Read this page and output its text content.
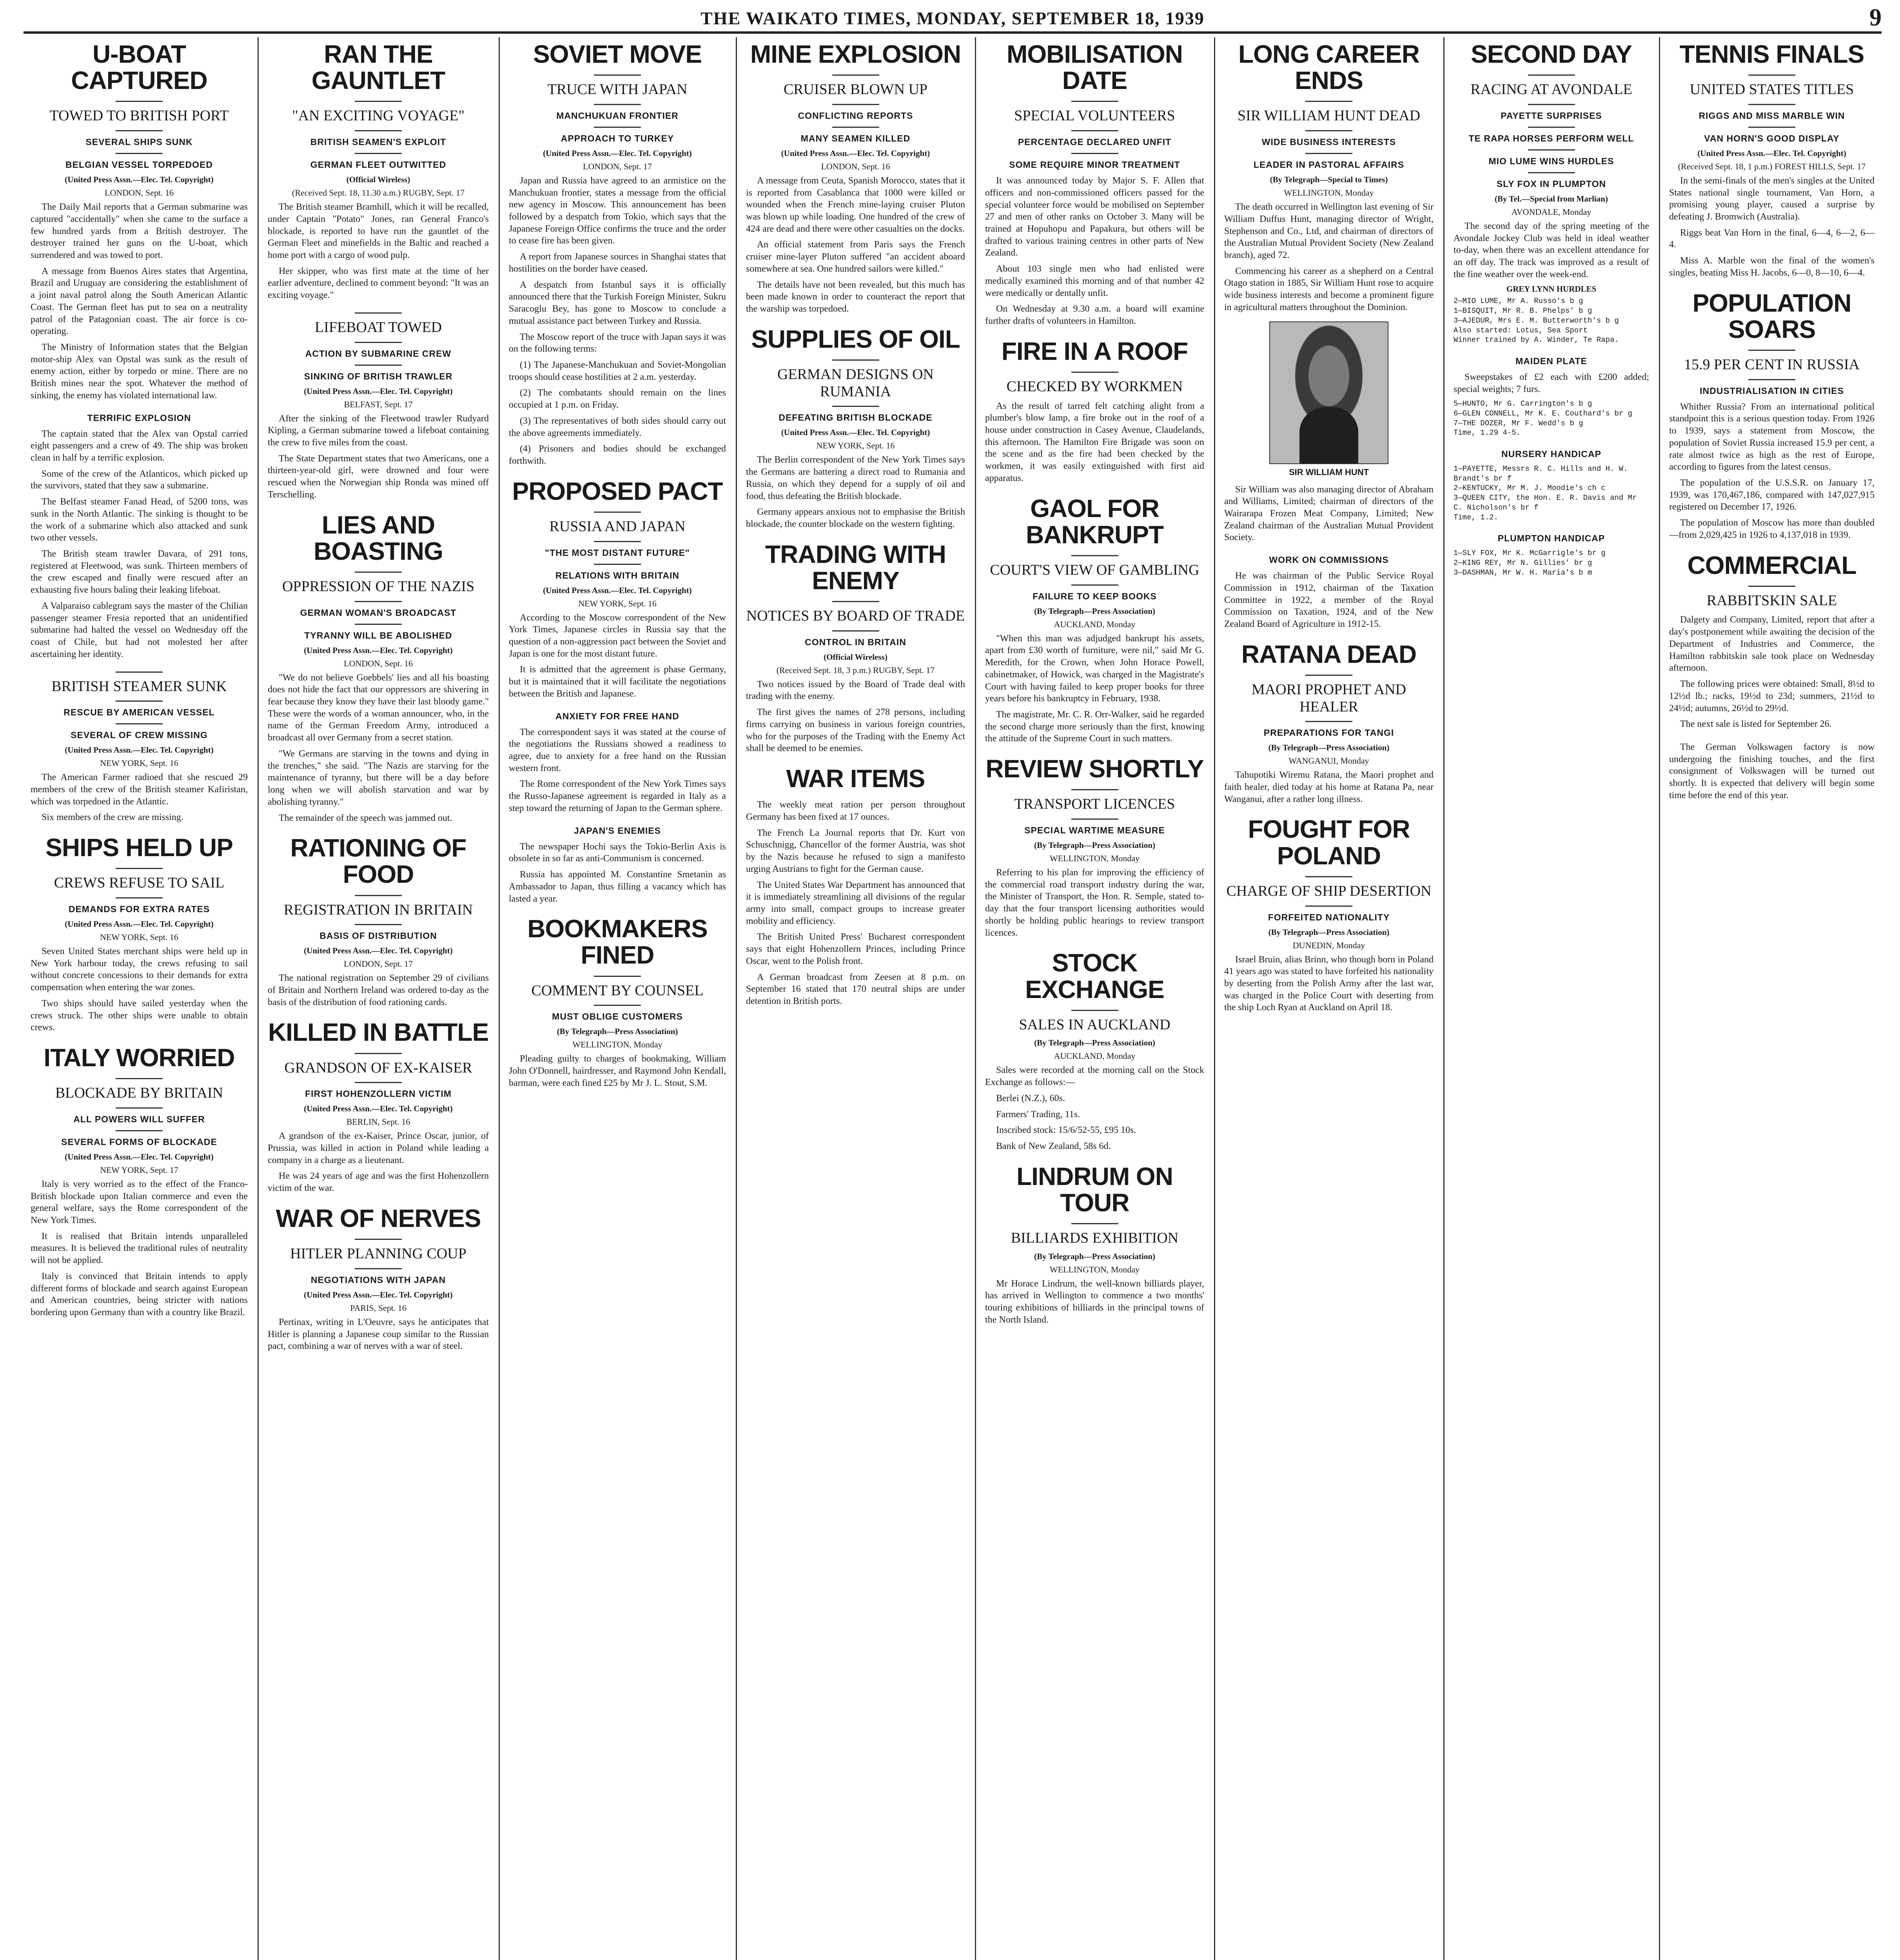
THE WAIKATO TIMES, MONDAY, SEPTEMBER 18, 1939	9
U-BOAT CAPTURED
TOWED TO BRITISH PORT
SEVERAL SHIPS SUNK
BELGIAN VESSEL TORPEDOED
(United Press Assn.—Elec. Tel. Copyright)
LONDON, Sept. 16

The Daily Mail reports that a German submarine was captured "accidentally" when she came to the surface a few hundred yards from a British destroyer. The destroyer trained her guns on the U-boat, which surrendered and was towed to port.

A message from Buenos Aires states that Argentina, Brazil and Uruguay are considering the establishment of a joint naval patrol along the South American Atlantic Coast. The German fleet has put to sea on a neutrality patrol of the Patagonian coast. The air force is co-operating.

The Ministry of Information states that the Belgian motor-ship Alex van Opstal was sunk as the result of enemy action, either by torpedo or mine. There are no British mines near the spot. Whatever the method of sinking, the enemy has violated international law.

TERRIFIC EXPLOSION

The captain stated that the Alex van Opstal carried eight passengers and a crew of 49. The ship was broken clean in half by a terrific explosion.

Some of the crew of the Atlanticos, which picked up the survivors, stated that they saw a submarine.

The Belfast steamer Fanad Head, of 5200 tons, was sunk in the North Atlantic. The sinking is thought to be the work of a submarine which also attacked and sunk two other vessels.

The British steam trawler Davara, of 291 tons, registered at Fleetwood, was sunk. Thirteen members of the crew escaped and finally were rescued after an exhausting five hours baling their leaking lifeboat.

A Valparaiso cablegram says the master of the Chilian passenger steamer Fresia reported that an unidentified submarine had halted the vessel on Wednesday off the coast of Chile, but had not molested her after ascertaining her identity.

BRITISH STEAMER SUNK
RESCUE BY AMERICAN VESSEL
SEVERAL OF CREW MISSING
(United Press Assn.—Elec. Tel. Copyright)
NEW YORK, Sept. 16

The American Farmer radioed that she rescued 29 members of the crew of the British steamer Kafiristan, which was torpedoed in the Atlantic.

Six members of the crew are missing.

SHIPS HELD UP
CREWS REFUSE TO SAIL
DEMANDS FOR EXTRA RATES
(United Press Assn.—Elec. Tel. Copyright)
NEW YORK, Sept. 16

Seven United States merchant ships were held up in New York harbour today, the crews refusing to sail without concrete concessions to their demands for extra compensation when entering the war zones.

Two ships should have sailed yesterday when the crews struck. The other ships were unable to obtain crews.

ITALY WORRIED
BLOCKADE BY BRITAIN
ALL POWERS WILL SUFFER
SEVERAL FORMS OF BLOCKADE
(United Press Assn.—Elec. Tel. Copyright)
NEW YORK, Sept. 17

Italy is very worried as to the effect of the Franco-British blockade upon Italian commerce and even the general welfare, says the Rome correspondent of the New York Times.

It is realised that Britain intends unparalleled measures. It is believed the traditional rules of neutrality will not be applied.

Italy is convinced that Britain intends to apply different forms of blockade and search against European and American countries, being stricter with nations bordering upon Germany than with a country like Brazil.

RAN THE GAUNTLET
"AN EXCITING VOYAGE"
BRITISH SEAMEN'S EXPLOIT
GERMAN FLEET OUTWITTED
(Official Wireless)
(Received Sept. 18, 11.30 a.m.) RUGBY, Sept. 17

The British steamer Bramhill, which it will be recalled, under Captain "Potato" Jones, ran General Franco's blockade, is reported to have run the gauntlet of the German Fleet and minefields in the Baltic and reached a home port with a cargo of wood pulp.

Her skipper, who was first mate at the time of her earlier adventure, declined to comment beyond: "It was an exciting voyage."

LIFEBOAT TOWED
ACTION BY SUBMARINE CREW
SINKING OF BRITISH TRAWLER
(United Press Assn.—Elec. Tel. Copyright)
BELFAST, Sept. 17

After the sinking of the Fleetwood trawler Rudyard Kipling, a German submarine towed a lifeboat containing the crew to five miles from the coast.

The State Department states that two Americans, one a thirteen-year-old girl, were drowned and four were rescued when the Norwegian ship Ronda was mined off Terschelling.

LIES AND BOASTING
OPPRESSION OF THE NAZIS
GERMAN WOMAN'S BROADCAST
TYRANNY WILL BE ABOLISHED
(United Press Assn.—Elec. Tel. Copyright)
LONDON, Sept. 16

"We do not believe Goebbels' lies and all his boasting does not hide the fact that our oppressors are shivering in fear because they know they have their last bloody game." These were the words of a woman announcer, who, in the name of the German Freedom Army, introduced a broadcast all over Germany from a secret station.

"We Germans are starving in the towns and dying in the trenches," she said. "The Nazis are starving for the maintenance of tyranny, but there will be a day before long when we will abolish starvation and war by abolishing tyranny."

The remainder of the speech was jammed out.

RATIONING OF FOOD
REGISTRATION IN BRITAIN
BASIS OF DISTRIBUTION
(United Press Assn.—Elec. Tel. Copyright)
LONDON, Sept. 17

The national registration on September 29 of civilians of Britain and Northern Ireland was ordered to-day as the basis of the distribution of food rationing cards.

KILLED IN BATTLE
GRANDSON OF EX-KAISER
FIRST HOHENZOLLERN VICTIM
(United Press Assn.—Elec. Tel. Copyright)
BERLIN, Sept. 16

A grandson of the ex-Kaiser, Prince Oscar, junior, of Prussia, was killed in action in Poland while leading a company in a charge as a lieutenant.

He was 24 years of age and was the first Hohenzollern victim of the war.

WAR OF NERVES
HITLER PLANNING COUP
NEGOTIATIONS WITH JAPAN
(United Press Assn.—Elec. Tel. Copyright)
PARIS, Sept. 16

Pertinax, writing in L'Oeuvre, says he anticipates that Hitler is planning a Japanese coup similar to the Russian pact, combining a war of nerves with a war of steel.

SOVIET MOVE
TRUCE WITH JAPAN
MANCHUKUAN FRONTIER
APPROACH TO TURKEY
(United Press Assn.—Elec. Tel. Copyright)
LONDON, Sept. 17

Japan and Russia have agreed to an armistice on the Manchukuan frontier, states a message from the official new agency in Moscow. This announcement has been followed by a despatch from Tokio, which says that the Japanese Foreign Office confirms the truce and the order to cease fire has been given.

A report from Japanese sources in Shanghai states that hostilities on the border have ceased.

A despatch from Istanbul says it is officially announced there that the Turkish Foreign Minister, Sukru Saracoglu Bey, has gone to Moscow to conclude a mutual assistance pact between Turkey and Russia.

The Moscow report of the truce with Japan says it was on the following terms:

(1) The Japanese-Manchukuan and Soviet-Mongolian troops should cease hostilities at 2 a.m. yesterday.

(2) The combatants should remain on the lines occupied at 1 p.m. on Friday.

(3) The representatives of both sides should carry out the above agreements immediately.

(4) Prisoners and bodies should be exchanged forthwith.

PROPOSED PACT
RUSSIA AND JAPAN
"THE MOST DISTANT FUTURE"
RELATIONS WITH BRITAIN
(United Press Assn.—Elec. Tel. Copyright)
NEW YORK, Sept. 16

According to the Moscow correspondent of the New York Times, Japanese circles in Russia say that the question of a non-aggression pact between the Soviet and Japan is one for the most distant future.

It is admitted that the agreement is phase Germany, but it is maintained that it will facilitate the negotiations between the British and Japanese.

ANXIETY FOR FREE HAND

The correspondent says it was stated at the course of the negotiations the Russians showed a readiness to agree, due to anxiety for a free hand on the Russian western front.

The Rome correspondent of the New York Times says the Russo-Japanese agreement is regarded in Italy as a step toward the returning of Japan to the German sphere.

JAPAN'S ENEMIES

The newspaper Hochi says the Tokio-Berlin Axis is obsolete in so far as anti-Communism is concerned.

Russia has appointed M. Constantine Smetanin as Ambassador to Japan, thus filling a vacancy which has lasted a year.

BOOKMAKERS FINED
COMMENT BY COUNSEL
MUST OBLIGE CUSTOMERS
(By Telegraph—Press Association)
WELLINGTON, Monday

Pleading guilty to charges of bookmaking, William John O'Donnell, hairdresser, and Raymond John Kendall, barman, were each fined £25 by Mr J. L. Stout, S.M.

MINE EXPLOSION
CRUISER BLOWN UP
CONFLICTING REPORTS
MANY SEAMEN KILLED
(United Press Assn.—Elec. Tel. Copyright)
LONDON, Sept. 16

A message from Ceuta, Spanish Morocco, states that it is reported from Casablanca that 1000 were killed or wounded when the French mine-laying cruiser Pluton was blown up while loading. One hundred of the crew of 424 are dead and there were other casualties on the docks.

An official statement from Paris says the French cruiser mine-layer Pluton suffered "an accident aboard somewhere at sea. One hundred sailors were killed."

The details have not been revealed, but this much has been made known in order to counteract the report that the warship was torpedoed.

SUPPLIES OF OIL
GERMAN DESIGNS ON RUMANIA
DEFEATING BRITISH BLOCKADE
(United Press Assn.—Elec. Tel. Copyright)
NEW YORK, Sept. 16

The Berlin correspondent of the New York Times says the Germans are battering a direct road to Rumania and Russia, on which they depend for a supply of oil and food, thus defeating the British blockade.

Germany appears anxious not to emphasise the British blockade, the counter blockade on the western fighting.

TRADING WITH ENEMY
NOTICES BY BOARD OF TRADE
CONTROL IN BRITAIN
(Official Wireless)
(Received Sept. 18, 3 p.m.) RUGBY, Sept. 17

Two notices issued by the Board of Trade deal with trading with the enemy.

The first gives the names of 278 persons, including firms carrying on business in various foreign countries, who for the purposes of the Trading with the Enemy Act shall be deemed to be enemies.

WAR ITEMS

The weekly meat ration per person throughout Germany has been fixed at 17 ounces.

The French La Journal reports that Dr. Kurt von Schuschnigg, Chancellor of the former Austria, was shot by the Nazis because he refused to sign a manifesto urging Austrians to fight for the German cause.

The United States War Department has announced that it is immediately streamlining all divisions of the regular army into small, compact groups to increase greater mobility and efficiency.

The British United Press' Bucharest correspondent says that eight Hohenzollern Princes, including Prince Oscar, went to the Polish front.

A German broadcast from Zeesen at 8 p.m. on September 16 stated that 170 neutral ships are under detention in British ports.

MOBILISATION DATE
SPECIAL VOLUNTEERS
PERCENTAGE DECLARED UNFIT
SOME REQUIRE MINOR TREATMENT

It was announced today by Major S. F. Allen that officers and non-commissioned officers passed for the special volunteer force would be mobilised on September 27 and men of other ranks on October 3. Many will be trained at Hopuhopu and Papakura, but others will be drafted to various training centres in other parts of New Zealand.

About 103 single men who had enlisted were medically examined this morning and of that number 42 were medically or dentally unfit.

On Wednesday at 9.30 a.m. a board will examine further drafts of volunteers in Hamilton.

FIRE IN A ROOF
CHECKED BY WORKMEN

As the result of tarred felt catching alight from a plumber's blow lamp, a fire broke out in the roof of a house under construction in Casey Avenue, Claudelands, this afternoon. The Hamilton Fire Brigade was soon on the scene and as the fire had been checked by the workmen, it was easily extinguished with first aid apparatus.

GAOL FOR BANKRUPT
COURT'S VIEW OF GAMBLING
FAILURE TO KEEP BOOKS
(By Telegraph—Press Association)
AUCKLAND, Monday

"When this man was adjudged bankrupt his assets, apart from £30 worth of furniture, were nil," said Mr G. Meredith, for the Crown, when John Horace Powell, cabinetmaker, of Howick, was charged in the Magistrate's Court with having failed to keep proper books for three years before his bankruptcy in February, 1938.

The magistrate, Mr. C. R. Orr-Walker, said he regarded the second charge more seriously than the first, knowing the attitude of the Supreme Court in such matters.

REVIEW SHORTLY
TRANSPORT LICENCES
SPECIAL WARTIME MEASURE
(By Telegraph—Press Association)
WELLINGTON, Monday

Referring to his plan for improving the efficiency of the commercial road transport industry during the war, the Minister of Transport, the Hon. R. Semple, stated to-day that the four transport licensing authorities would shortly be holding public hearings to review transport licences.

STOCK EXCHANGE
SALES IN AUCKLAND
(By Telegraph—Press Association)
AUCKLAND, Monday

Sales were recorded at the morning call on the Stock Exchange as follows:—

Berlei (N.Z.), 60s.

Farmers' Trading, 11s.

Inscribed stock: 15/6/52-55, £95 10s.

Bank of New Zealand, 58s 6d.

LINDRUM ON TOUR
BILLIARDS EXHIBITION
(By Telegraph—Press Association)
WELLINGTON, Monday

Mr Horace Lindrum, the well-known billiards player, has arrived in Wellington to commence a two months' touring exhibitions of billiards in the principal towns of the North Island.

LONG CAREER ENDS
SIR WILLIAM HUNT DEAD
WIDE BUSINESS INTERESTS
LEADER IN PASTORAL AFFAIRS
(By Telegraph—Special to Times)
WELLINGTON, Monday

The death occurred in Wellington last evening of Sir William Duffus Hunt, managing director of Wright, Stephenson and Co., Ltd, and chairman of directors of the Australian Mutual Provident Society (New Zealand branch), aged 72.

Commencing his career as a shepherd on a Central Otago station in 1885, Sir William Hunt rose to acquire wide business interests and become a prominent figure in agricultural matters throughout the Dominion.

SIR WILLIAM HUNT

Sir William was also managing director of Abraham and Williams, Limited; chairman of directors of the Wairarapa Frozen Meat Company, Limited; New Zealand chairman of the Australian Mutual Provident Society.

WORK ON COMMISSIONS

He was chairman of the Public Service Royal Commission in 1912, chairman of the Taxation Committee in 1922, a member of the Royal Commission on Taxation, 1924, and of the New Zealand Board of Agriculture in 1912-15.

RATANA DEAD
MAORI PROPHET AND HEALER
PREPARATIONS FOR TANGI
(By Telegraph—Press Association)
WANGANUI, Monday

Tahupotiki Wiremu Ratana, the Maori prophet and faith healer, died today at his home at Ratana Pa, near Wanganui, after a rather long illness.

FOUGHT FOR POLAND
CHARGE OF SHIP DESERTION
FORFEITED NATIONALITY
(By Telegraph—Press Association)
DUNEDIN, Monday

Israel Bruin, alias Brinn, who though born in Poland 41 years ago was stated to have forfeited his nationality by deserting from the Polish Army after the last war, was charged in the Police Court with deserting from the ship Loch Ryan at Auckland on April 18.

SECOND DAY
RACING AT AVONDALE
PAYETTE SURPRISES
TE RAPA HORSES PERFORM WELL
MIO LUME WINS HURDLES
SLY FOX IN PLUMPTON
(By Tel.—Special from Marlian)
AVONDALE, Monday

The second day of the spring meeting of the Avondale Jockey Club was held in ideal weather to-day, when there was an excellent attendance for an off day. The track was improved as a result of the fine weather over the week-end.

GREY LYNN HURDLES
2—MIO LUME, Mr A. Russo's b g
1—BISQUIT, Mr R. B. Phelps' b g
3—AJEDUR, Mrs E. M. Butterworth's b g
Also started: Lotus, Sea Sport
Winner trained by A. Winder, Te Rapa.
MAIDEN PLATE

Sweepstakes of £2 each with £200 added; special weights; 7 furs.

5—HUNTO, Mr G. Carrington's b g
6—GLEN CONNELL, Mr K. E. Couthard's br g
7—THE DOZER, Mr F. Wedd's b g
Time, 1.29 4-5.
NURSERY HANDICAP
1—PAYETTE, Messrs R. C. Hills and H. W. Brandt's br f
2—KENTUCKY, Mr M. J. Moodie's ch c
3—QUEEN CITY, the Hon. E. R. Davis and Mr C. Nicholson's br f
Time, 1.2.
PLUMPTON HANDICAP
1—SLY FOX, Mr K. McGarrigle's br g
2—KING REY, Mr N. Gillies' br g
3—DASHMAN, Mr W. H. Maria's b m
TENNIS FINALS
UNITED STATES TITLES
RIGGS AND MISS MARBLE WIN
VAN HORN'S GOOD DISPLAY
(United Press Assn.—Elec. Tel. Copyright)
(Received Sept. 18, 1 p.m.) FOREST HILLS, Sept. 17

In the semi-finals of the men's singles at the United States national single tournament, Van Horn, a promising young player, caused a surprise by defeating J. Bromwich (Australia).

Riggs beat Van Horn in the final, 6—4, 6—2, 6—4.

Miss A. Marble won the final of the women's singles, beating Miss H. Jacobs, 6—0, 8—10, 6—4.

POPULATION SOARS
15.9 PER CENT IN RUSSIA
INDUSTRIALISATION IN CITIES

Whither Russia? From an international political standpoint this is a serious question today. From 1926 to 1939, says a statement from Moscow, the population of Soviet Russia increased 15.9 per cent, a rate almost twice as high as the rest of Europe, according to figures from the latest census.

The population of the U.S.S.R. on January 17, 1939, was 170,467,186, compared with 147,027,915 registered on December 17, 1926.

The population of Moscow has more than doubled—from 2,029,425 in 1926 to 4,137,018 in 1939.

COMMERCIAL
RABBITSKIN SALE

Dalgety and Company, Limited, report that after a day's postponement while awaiting the decision of the Department of Industries and Commerce, the Hamilton rabbitskin sale took place on Wednesday afternoon.

The following prices were obtained: Small, 8½d to 12½d lb.; racks, 19½d to 23d; summers, 21½d to 24½d; autumns, 26½d to 29½d.

The next sale is listed for September 26.

The German Volkswagen factory is now undergoing the finishing touches, and the first consignment of Volkswagen will be turned out shortly. It is expected that delivery will begin some time before the end of this year.
